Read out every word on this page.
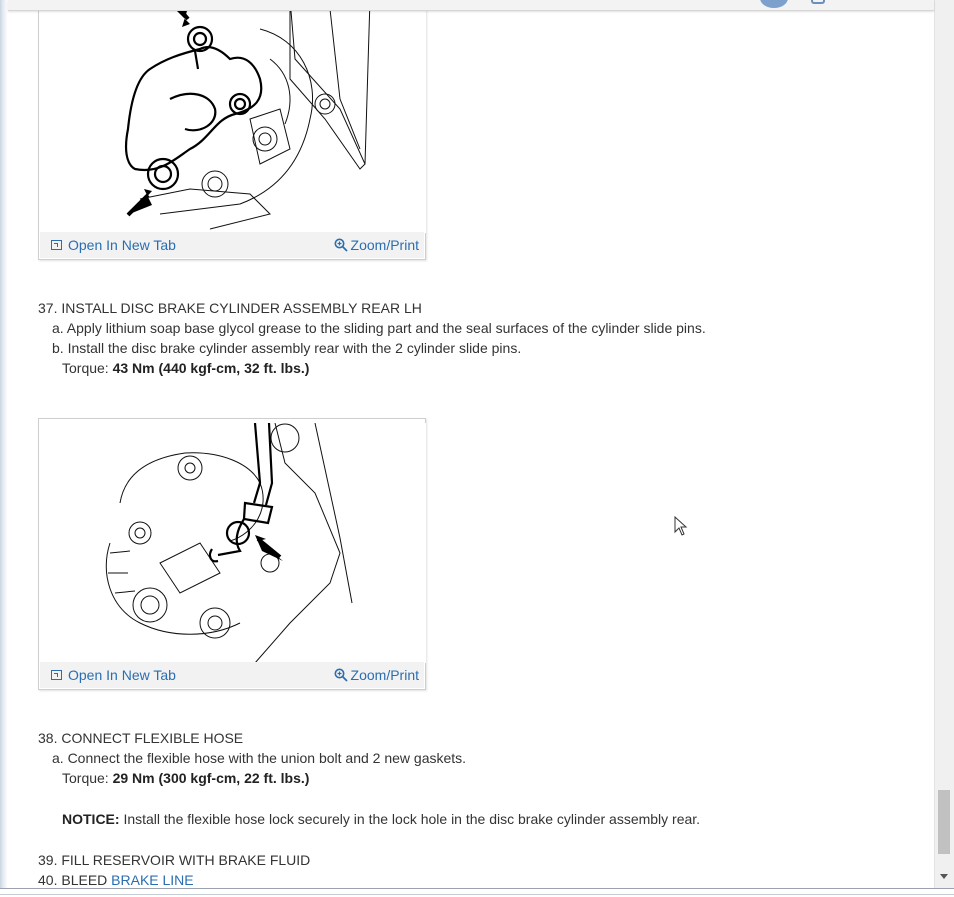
Open In New Tab	Zoom/Print
37. INSTALL DISC BRAKE CYLINDER ASSEMBLY REAR LH
a. Apply lithium soap base glycol grease to the sliding part and the seal surfaces of the cylinder slide pins.
b. Install the disc brake cylinder assembly rear with the 2 cylinder slide pins.
Torque: 43 Nm (440 kgf-cm, 32 ft. lbs.)
Open In New Tab	Zoom/Print
38. CONNECT FLEXIBLE HOSE
a. Connect the flexible hose with the union bolt and 2 new gaskets.
Torque: 29 Nm (300 kgf-cm, 22 ft. lbs.)
NOTICE: Install the flexible hose lock securely in the lock hole in the disc brake cylinder assembly rear.
39. FILL RESERVOIR WITH BRAKE FLUID
40. BLEED BRAKE LINE
